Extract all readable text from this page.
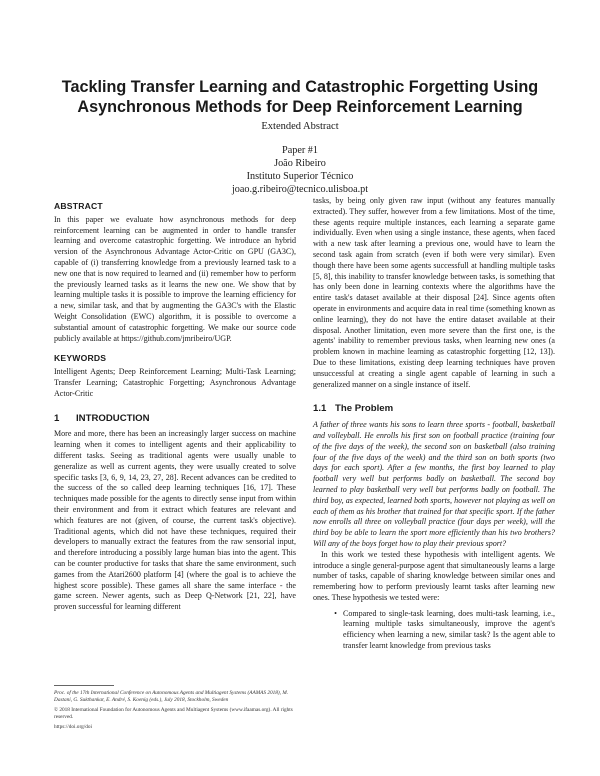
Tackling Transfer Learning and Catastrophic Forgetting Using
Asynchronous Methods for Deep Reinforcement Learning
Extended Abstract
Paper #1
João Ribeiro
Instituto Superior Técnico
joao.g.ribeiro@tecnico.ulisboa.pt
ABSTRACT

In this paper we evaluate how asynchronous methods for deep reinforcement learning can be augmented in order to handle transfer learning and overcome catastrophic forgetting. We introduce an hybrid version of the Asynchronous Advantage Actor-Critic on GPU (GA3C), capable of (i) transferring knowledge from a previously learned task to a new one that is now required to learned and (ii) remember how to perform the previously learned tasks as it learns the new one. We show that by learning multiple tasks it is possible to improve the learning efficiency for a new, similar task, and that by augmenting the GA3C's with the Elastic Weight Consolidation (EWC) algorithm, it is possible to overcome a substantial amount of catastrophic forgetting. We make our source code publicly available at https://github.com/jmribeiro/UGP.

KEYWORDS

Intelligent Agents; Deep Reinforcement Learning; Multi-Task Learning; Transfer Learning; Catastrophic Forgetting; Asynchronous Advantage Actor-Critic

1 INTRODUCTION

More and more, there has been an increasingly larger success on machine learning when it comes to intelligent agents and their applicability to different tasks. Seeing as traditional agents were usually unable to generalize as well as current agents, they were usually created to solve specific tasks [3, 6, 9, 14, 23, 27, 28]. Recent advances can be credited to the success of the so called deep learning techniques [16, 17]. These techniques made possible for the agents to directly sense input from within their environment and from it extract which features are relevant and which features are not (given, of course, the current task's objective). Traditional agents, which did not have these techniques, required their developers to manually extract the features from the raw sensorial input, and therefore introducing a possibly large human bias into the agent. This can be counter productive for tasks that share the same environment, such games from the Atari2600 platform [4] (where the goal is to achieve the highest score possible). These games all share the same interface - the game screen. Newer agents, such as Deep Q-Network [21, 22], have proven successful for learning different

Proc. of the 17th International Conference on Autonomous Agents and Multiagent Systems (AAMAS 2018), M. Dastani, G. Sukthankar, E. André, S. Koenig (eds.), July 2018, Stockholm, Sweden

© 2018 International Foundation for Autonomous Agents and Multiagent Systems (www.ifaamas.org). All rights reserved.

https://doi.org/doi

tasks, by being only given raw input (without any features manually extracted). They suffer, however from a few limitations. Most of the time, these agents require multiple instances, each learning a separate game individually. Even when using a single instance, these agents, when faced with a new task after learning a previous one, would have to learn the second task again from scratch (even if both were very similar). Even though there have been some agents successfull at handling multiple tasks [5, 8], this inability to transfer knowledge between tasks, is something that has only been done in learning contexts where the algorithms have the entire task's dataset available at their disposal [24]. Since agents often operate in environments and acquire data in real time (something known as online learning), they do not have the entire dataset available at their disposal. Another limitation, even more severe than the first one, is the agents' inability to remember previous tasks, when learning new ones (a problem known in machine learning as catastrophic forgetting [12, 13]). Due to these limitations, existing deep learning techniques have proven unsuccessful at creating a single agent capable of learning in such a generalized manner on a single instance of itself.

1.1 The Problem

A father of three wants his sons to learn three sports - football, basketball and volleyball. He enrolls his first son on football practice (training four of the five days of the week), the second son on basketball (also training four of the five days of the week) and the third son on both sports (two days for each sport). After a few months, the first boy learned to play football very well but performs badly on basketball. The second boy learned to play basketball very well but performs badly on football. The third boy, as expected, learned both sports, however not playing as well on each of them as his brother that trained for that specific sport. If the father now enrolls all three on volleyball practice (four days per week), will the third boy be able to learn the sport more efficiently than his two brothers? Will any of the boys forget how to play their previous sport?

In this work we tested these hypothesis with intelligent agents. We introduce a single general-purpose agent that simultaneously learns a large number of tasks, capable of sharing knowledge between similar ones and remembering how to perform previously learnt tasks after learning new ones. These hypothesis we tested were:

• Compared to single-task learning, does multi-task learning, i.e., learning multiple tasks simultaneously, improve the agent's efficiency when learning a new, similar task? Is the agent able to transfer learnt knowledge from previous tasks
